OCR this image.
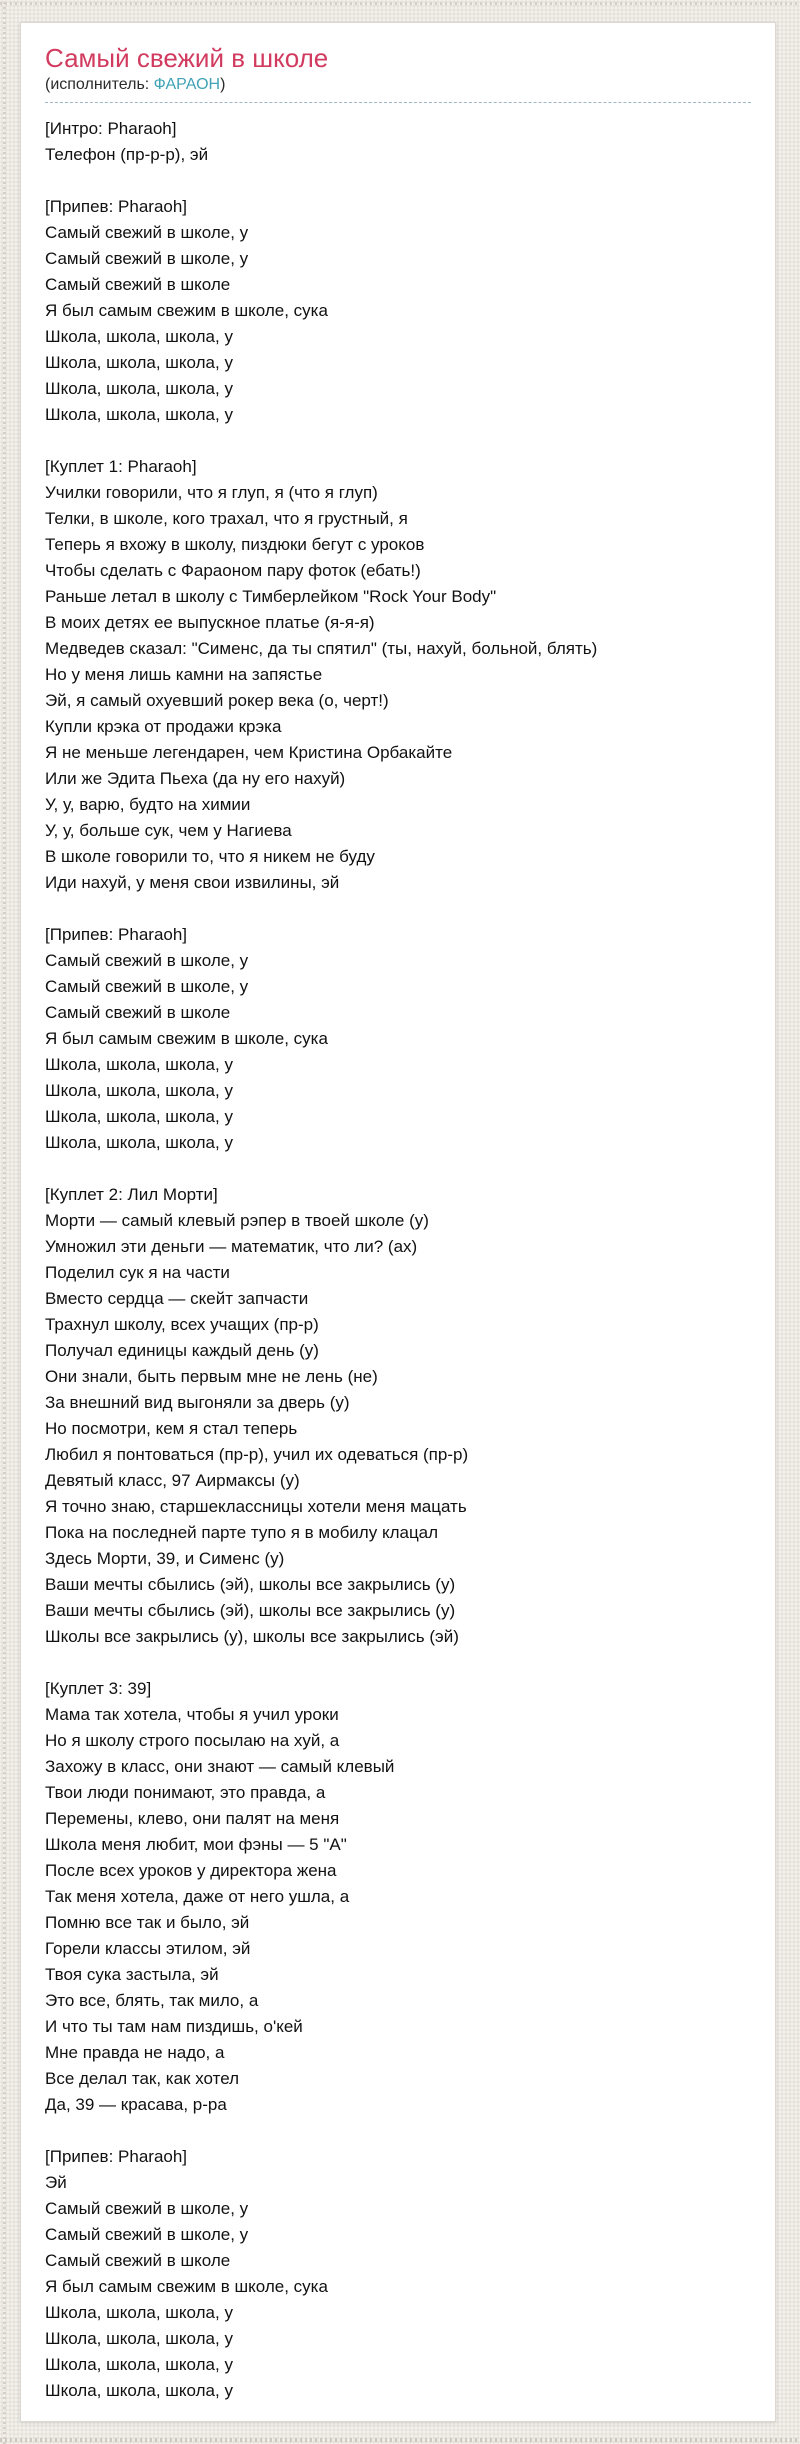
Самый свежий в школе
(исполнитель: ФАРАОН)

[Интро: Pharaoh]
Телефон (пр-р-р), эй

[Припев: Pharaoh]
Самый свежий в школе, у
Самый свежий в школе, у
Самый свежий в школе
Я был самым свежим в школе, сука
Школа, школа, школа, у
Школа, школа, школа, у
Школа, школа, школа, у
Школа, школа, школа, у

[Куплет 1: Pharaoh]
Училки говорили, что я глуп, я (что я глуп)
Телки, в школе, кого трахал, что я грустный, я
Теперь я вхожу в школу, пиздюки бегут с уроков
Чтобы сделать с Фараоном пару фоток (ебать!)
Раньше летал в школу с Тимберлейком "Rock Your Body"
В моих детях ее выпускное платье (я-я-я)
Медведев сказал: "Сименс, да ты спятил" (ты, нахуй, больной, блять)
Но у меня лишь камни на запястье
Эй, я самый охуевший рокер века (о, черт!)
Купли крэка от продажи крэка
Я не меньше легендарен, чем Кристина Орбакайте
Или же Эдита Пьеха (да ну его нахуй)
У, у, варю, будто на химии
У, у, больше сук, чем у Нагиева
В школе говорили то, что я никем не буду
Иди нахуй, у меня свои извилины, эй

[Припев: Pharaoh]
Самый свежий в школе, у
Самый свежий в школе, у
Самый свежий в школе
Я был самым свежим в школе, сука
Школа, школа, школа, у
Школа, школа, школа, у
Школа, школа, школа, у
Школа, школа, школа, у

[Куплет 2: Лил Морти]
Морти — самый клевый рэпер в твоей школе (у)
Умножил эти деньги — математик, что ли? (ах)
Поделил сук я на части
Вместо сердца — скейт запчасти
Трахнул школу, всех учащих (пр-р)
Получал единицы каждый день (у)
Они знали, быть первым мне не лень (не)
За внешний вид выгоняли за дверь (у)
Но посмотри, кем я стал теперь
Любил я понтоваться (пр-р), учил их одеваться (пр-р)
Девятый класс, 97 Аирмаксы (у)
Я точно знаю, старшеклассницы хотели меня мацать
Пока на последней парте тупо я в мобилу клацал
Здесь Морти, 39, и Сименс (у)
Ваши мечты сбылись (эй), школы все закрылись (у)
Ваши мечты сбылись (эй), школы все закрылись (у)
Школы все закрылись (у), школы все закрылись (эй)

[Куплет 3: 39]
Мама так хотела, чтобы я учил уроки
Но я школу строго посылаю на хуй, а
Захожу в класс, они знают — самый клевый
Твои люди понимают, это правда, а
Перемены, клево, они палят на меня
Школа меня любит, мои фэны — 5 "А"
После всех уроков у директора жена
Так меня хотела, даже от него ушла, а
Помню все так и было, эй
Горели классы этилом, эй
Твоя сука застыла, эй
Это все, блять, так мило, а
И что ты там нам пиздишь, о'кей
Мне правда не надо, а
Все делал так, как хотел
Да, 39 — красава, р-ра

[Припев: Pharaoh]
Эй
Самый свежий в школе, у
Самый свежий в школе, у
Самый свежий в школе
Я был самым свежим в школе, сука
Школа, школа, школа, у
Школа, школа, школа, у
Школа, школа, школа, у
Школа, школа, школа, у
